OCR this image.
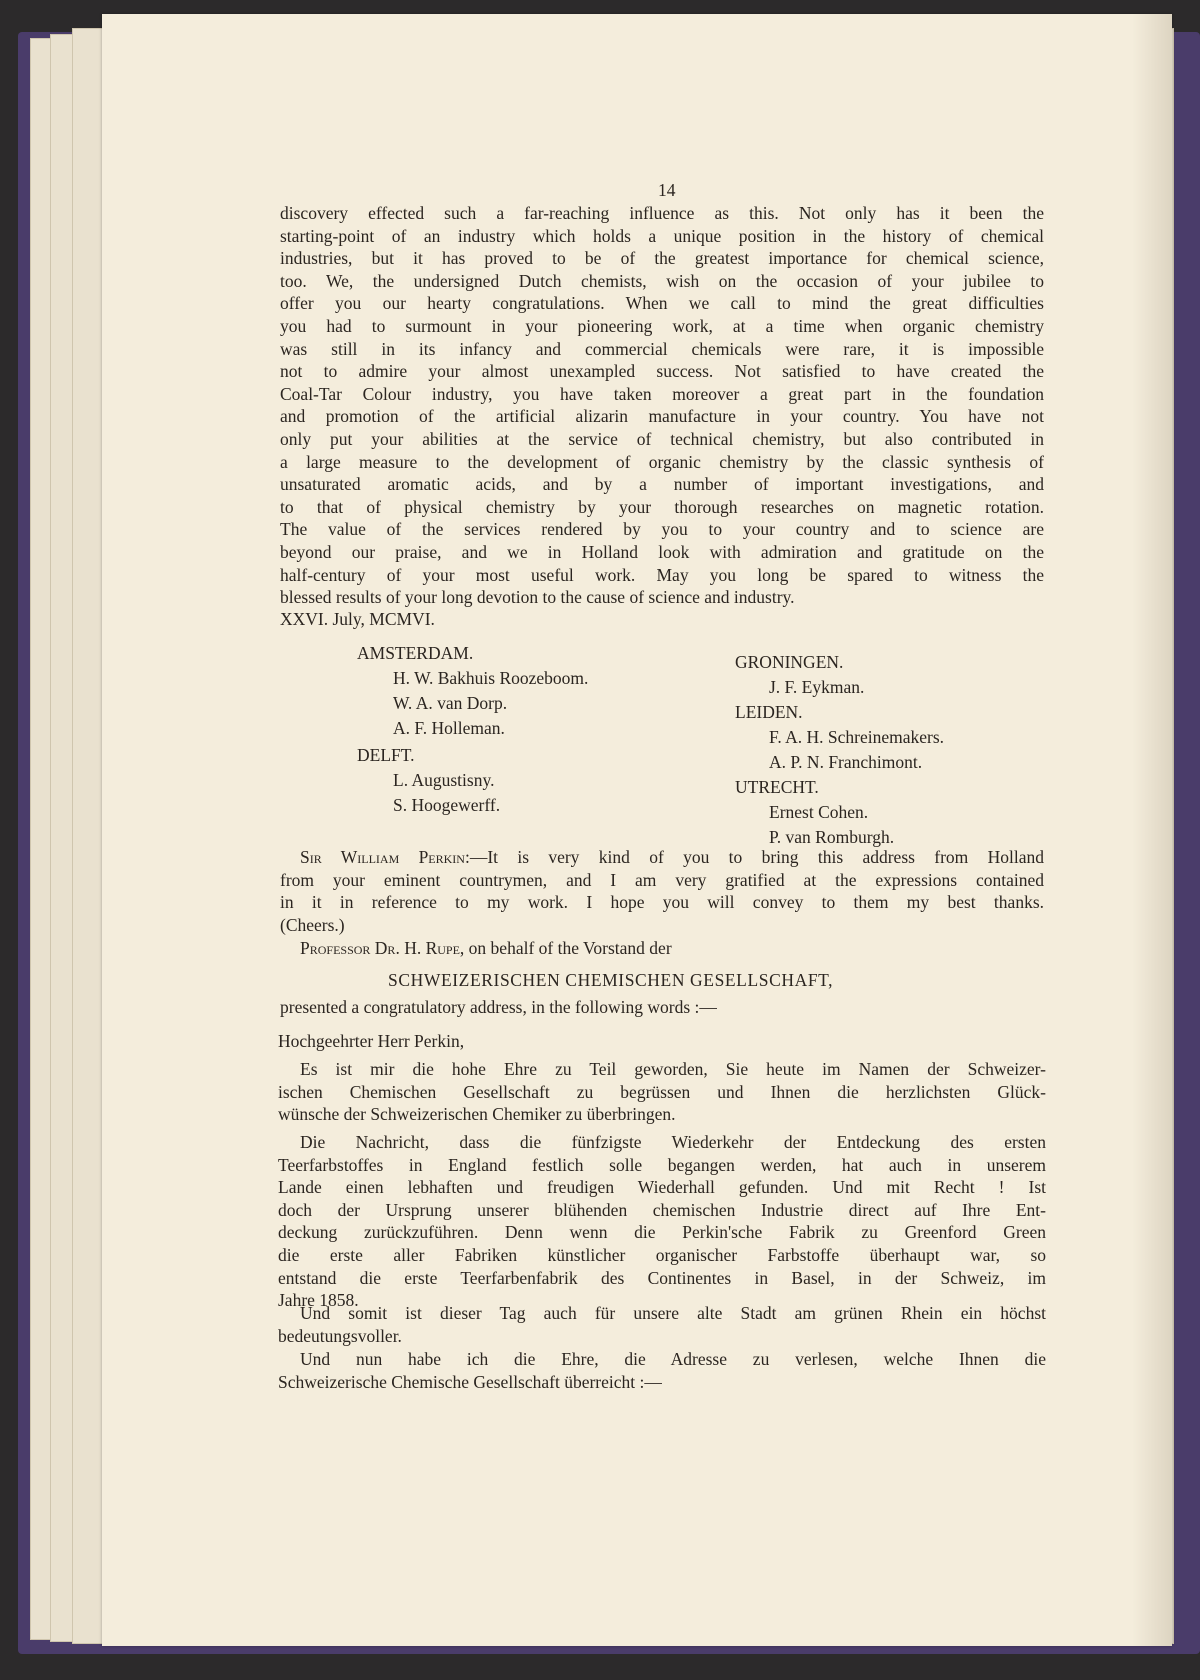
14
XXVI. July, MCMVI.
Sir William Perkin:—It is very kind of you to bring this address from Holland
Professor Dr. H. Rupe, on behalf of the Vorstand der
SCHWEIZERISCHEN CHEMISCHEN GESELLSCHAFT,
presented a congratulatory address, in the following words :—
Hochgeehrter Herr Perkin,
discovery effected such a far-reaching influence as this. Not only has it been the
starting-point of an industry which holds a unique position in the history of chemical
industries, but it has proved to be of the greatest importance for chemical science,
too. We, the undersigned Dutch chemists, wish on the occasion of your jubilee to
offer you our hearty congratulations. When we call to mind the great difficulties
you had to surmount in your pioneering work, at a time when organic chemistry
was still in its infancy and commercial chemicals were rare, it is impossible
not to admire your almost unexampled success. Not satisfied to have created the
Coal-Tar Colour industry, you have taken moreover a great part in the foundation
and promotion of the artificial alizarin manufacture in your country. You have not
only put your abilities at the service of technical chemistry, but also contributed in
a large measure to the development of organic chemistry by the classic synthesis of
unsaturated aromatic acids, and by a number of important investigations, and
to that of physical chemistry by your thorough researches on magnetic rotation.
The value of the services rendered by you to your country and to science are
beyond our praise, and we in Holland look with admiration and gratitude on the
half-century of your most useful work. May you long be spared to witness the
blessed results of your long devotion to the cause of science and industry.
AMSTERDAM.
H. W. Bakhuis Roozeboom.
W. A. van Dorp.
A. F. Holleman.
DELFT.
L. Augustisny.
S. Hoogewerff.
GRONINGEN.
J. F. Eykman.
LEIDEN.
F. A. H. Schreinemakers.
A. P. N. Franchimont.
UTRECHT.
Ernest Cohen.
P. van Romburgh.
from your eminent countrymen, and I am very gratified at the expressions contained
in it in reference to my work. I hope you will convey to them my best thanks.
(Cheers.)
Es ist mir die hohe Ehre zu Teil geworden, Sie heute im Namen der Schweizer-
ischen Chemischen Gesellschaft zu begrüssen und Ihnen die herzlichsten Glück-
wünsche der Schweizerischen Chemiker zu überbringen.
Die Nachricht, dass die fünfzigste Wiederkehr der Entdeckung des ersten
Teerfarbstoffes in England festlich solle begangen werden, hat auch in unserem
Lande einen lebhaften und freudigen Wiederhall gefunden. Und mit Recht ! Ist
doch der Ursprung unserer blühenden chemischen Industrie direct auf Ihre Ent-
deckung zurückzuführen. Denn wenn die Perkin'sche Fabrik zu Greenford Green
die erste aller Fabriken künstlicher organischer Farbstoffe überhaupt war, so
entstand die erste Teerfarbenfabrik des Continentes in Basel, in der Schweiz, im
Jahre 1858.
Und somit ist dieser Tag auch für unsere alte Stadt am grünen Rhein ein höchst
bedeutungsvoller.
Und nun habe ich die Ehre, die Adresse zu verlesen, welche Ihnen die
Schweizerische Chemische Gesellschaft überreicht :—
